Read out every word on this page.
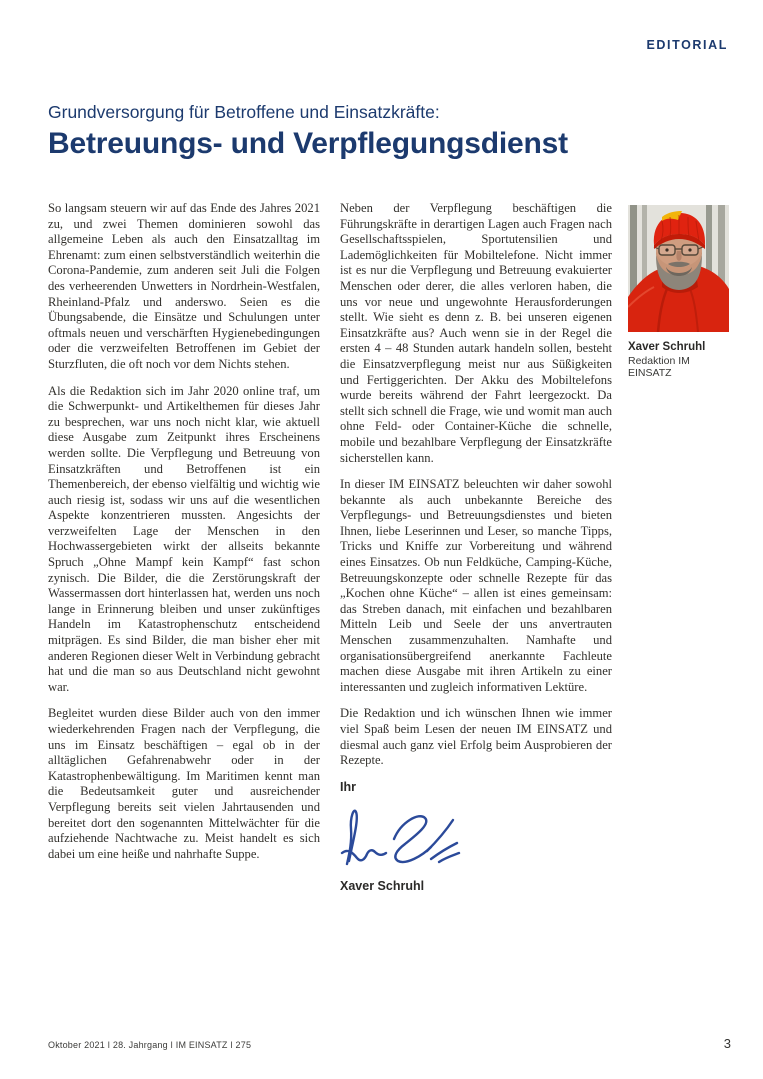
EDITORIAL
Grundversorgung für Betroffene und Einsatzkräfte:
Betreuungs- und Verpflegungsdienst

So langsam steuern wir auf das Ende des Jahres 2021 zu, und zwei Themen dominieren sowohl das allgemeine Leben als auch den Einsatzalltag im Ehrenamt: zum einen selbstverständlich weiterhin die Corona-Pandemie, zum anderen seit Juli die Folgen des verheerenden Unwetters in Nordrhein-Westfalen, Rheinland-Pfalz und anderswo. Seien es die Übungsabende, die Einsätze und Schulungen unter oftmals neuen und verschärften Hygienebedingungen oder die verzweifelten Betroffenen im Gebiet der Sturzfluten, die oft noch vor dem Nichts stehen.

Als die Redaktion sich im Jahr 2020 online traf, um die Schwerpunkt- und Artikelthemen für dieses Jahr zu besprechen, war uns noch nicht klar, wie aktuell diese Ausgabe zum Zeitpunkt ihres Erscheinens werden sollte. Die Verpflegung und Betreuung von Einsatzkräften und Betroffenen ist ein Themenbereich, der ebenso vielfältig und wichtig wie auch riesig ist, sodass wir uns auf die wesentlichen Aspekte konzentrieren mussten. Angesichts der verzweifelten Lage der Menschen in den Hochwassergebieten wirkt der allseits bekannte Spruch „Ohne Mampf kein Kampf“ fast schon zynisch. Die Bilder, die die Zerstörungskraft der Wassermassen dort hinterlassen hat, werden uns noch lange in Erinnerung bleiben und unser zukünftiges Handeln im Katastrophenschutz entscheidend mitprägen. Es sind Bilder, die man bisher eher mit anderen Regionen dieser Welt in Verbindung gebracht hat und die man so aus Deutschland nicht gewohnt war.

Begleitet wurden diese Bilder auch von den immer wiederkehrenden Fragen nach der Verpflegung, die uns im Einsatz beschäftigen – egal ob in der alltäglichen Gefahrenabwehr oder in der Katastrophenbewältigung. Im Maritimen kennt man die Bedeutsamkeit guter und ausreichender Verpflegung bereits seit vielen Jahrtausenden und bereitet dort den sogenannten Mittelwächter für die aufziehende Nachtwache zu. Meist handelt es sich dabei um eine heiße und nahrhafte Suppe.

Neben der Verpflegung beschäftigen die Führungskräfte in derartigen Lagen auch Fragen nach Gesellschaftsspielen, Sportutensilien und Lademöglichkeiten für Mobiltelefone. Nicht immer ist es nur die Verpflegung und Betreuung evakuierter Menschen oder derer, die alles verloren haben, die uns vor neue und ungewohnte Herausforderungen stellt. Wie sieht es denn z. B. bei unseren eigenen Einsatzkräfte aus? Auch wenn sie in der Regel die ersten 4 – 48 Stunden autark handeln sollen, besteht die Einsatzverpflegung meist nur aus Süßigkeiten und Fertiggerichten. Der Akku des Mobiltelefons wurde bereits während der Fahrt leergezockt. Da stellt sich schnell die Frage, wie und womit man auch ohne Feld- oder Container-Küche die schnelle, mobile und bezahlbare Verpflegung der Einsatzkräfte sicherstellen kann.

In dieser IM EINSATZ beleuchten wir daher sowohl bekannte als auch unbekannte Bereiche des Verpflegungs- und Betreuungsdienstes und bieten Ihnen, liebe Leserinnen und Leser, so manche Tipps, Tricks und Kniffe zur Vorbereitung und während eines Einsatzes. Ob nun Feldküche, Camping-Küche, Betreuungskonzepte oder schnelle Rezepte für das „Kochen ohne Küche“ – allen ist eines gemeinsam: das Streben danach, mit einfachen und bezahlbaren Mitteln Leib und Seele der uns anvertrauten Menschen zusammenzuhalten. Namhafte und organisationsübergreifend anerkannte Fachleute machen diese Ausgabe mit ihren Artikeln zu einer interessanten und zugleich informativen Lektüre.

Die Redaktion und ich wünschen Ihnen wie immer viel Spaß beim Lesen der neuen IM EINSATZ und diesmal auch ganz viel Erfolg beim Ausprobieren der Rezepte.

Ihr
Xaver Schruhl
Xaver Schruhl
Redaktion IM EINSATZ
Oktober 2021 ǀ 28. Jahrgang ǀ IM EINSATZ ǀ 275	3
